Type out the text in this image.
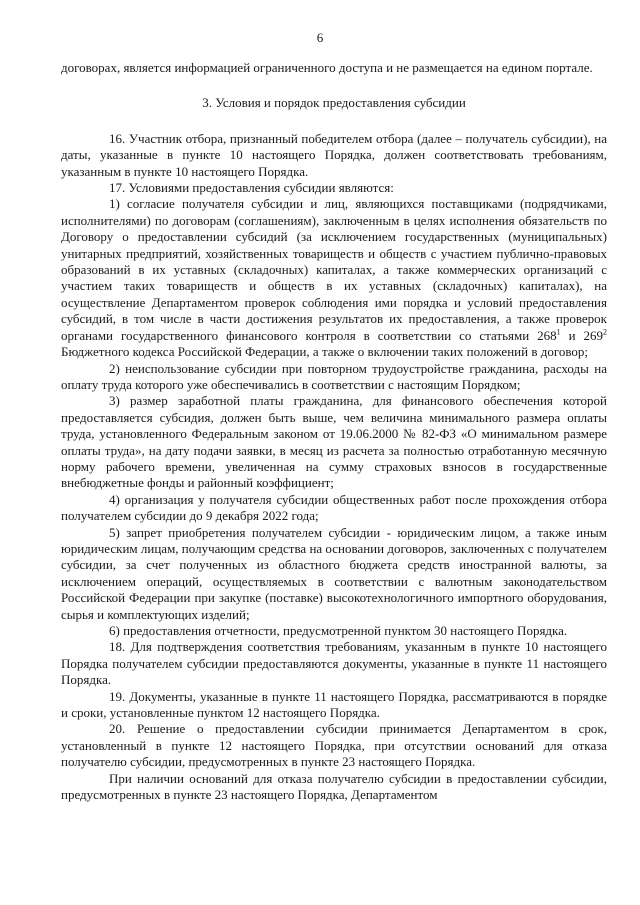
6

договорах, является информацией ограниченного доступа и не размещается на едином портале.

3. Условия и порядок предоставления субсидии

16. Участник отбора, признанный победителем отбора (далее – получатель субсидии), на даты, указанные в пункте 10 настоящего Порядка, должен соответствовать требованиям, указанным в пункте 10 настоящего Порядка.

17. Условиями предоставления субсидии являются:

1) согласие получателя субсидии и лиц, являющихся поставщиками (подрядчиками, исполнителями) по договорам (соглашениям), заключенным в целях исполнения обязательств по Договору о предоставлении субсидий (за исключением государственных (муниципальных) унитарных предприятий, хозяйственных товариществ и обществ с участием публично-правовых образований в их уставных (складочных) капиталах, а также коммерческих организаций с участием таких товариществ и обществ в их уставных (складочных) капиталах), на осуществление Департаментом проверок соблюдения ими порядка и условий предоставления субсидий, в том числе в части достижения результатов их предоставления, а также проверок органами государственного финансового контроля в соответствии со статьями $268^1$ и $269^2$ Бюджетного кодекса Российской Федерации, а также о включении таких положений в договор;

2) неиспользование субсидии при повторном трудоустройстве гражданина, расходы на оплату труда которого уже обеспечивались в соответствии с настоящим Порядком;

3) размер заработной платы гражданина, для финансового обеспечения которой предоставляется субсидия, должен быть выше, чем величина минимального размера оплаты труда, установленного Федеральным законом от 19.06.2000 № 82-ФЗ «О минимальном размере оплаты труда», на дату подачи заявки, в месяц из расчета за полностью отработанную месячную норму рабочего времени, увеличенная на сумму страховых взносов в государственные внебюджетные фонды и районный коэффициент;

4) организация у получателя субсидии общественных работ после прохождения отбора получателем субсидии до 9 декабря 2022 года;

5) запрет приобретения получателем субсидии - юридическим лицом, а также иным юридическим лицам, получающим средства на основании договоров, заключенных с получателем субсидии, за счет полученных из областного бюджета средств иностранной валюты, за исключением операций, осуществляемых в соответствии с валютным законодательством Российской Федерации при закупке (поставке) высокотехнологичного импортного оборудования, сырья и комплектующих изделий;

6) предоставления отчетности, предусмотренной пунктом 30 настоящего Порядка.

18. Для подтверждения соответствия требованиям, указанным в пункте 10 настоящего Порядка получателем субсидии предоставляются документы, указанные в пункте 11 настоящего Порядка.

19. Документы, указанные в пункте 11 настоящего Порядка, рассматриваются в порядке и сроки, установленные пунктом 12 настоящего Порядка.

20. Решение о предоставлении субсидии принимается Департаментом в срок, установленный в пункте 12 настоящего Порядка, при отсутствии оснований для отказа получателю субсидии, предусмотренных в пункте 23 настоящего Порядка.

При наличии оснований для отказа получателю субсидии в предоставлении субсидии, предусмотренных в пункте 23 настоящего Порядка, Департаментом
